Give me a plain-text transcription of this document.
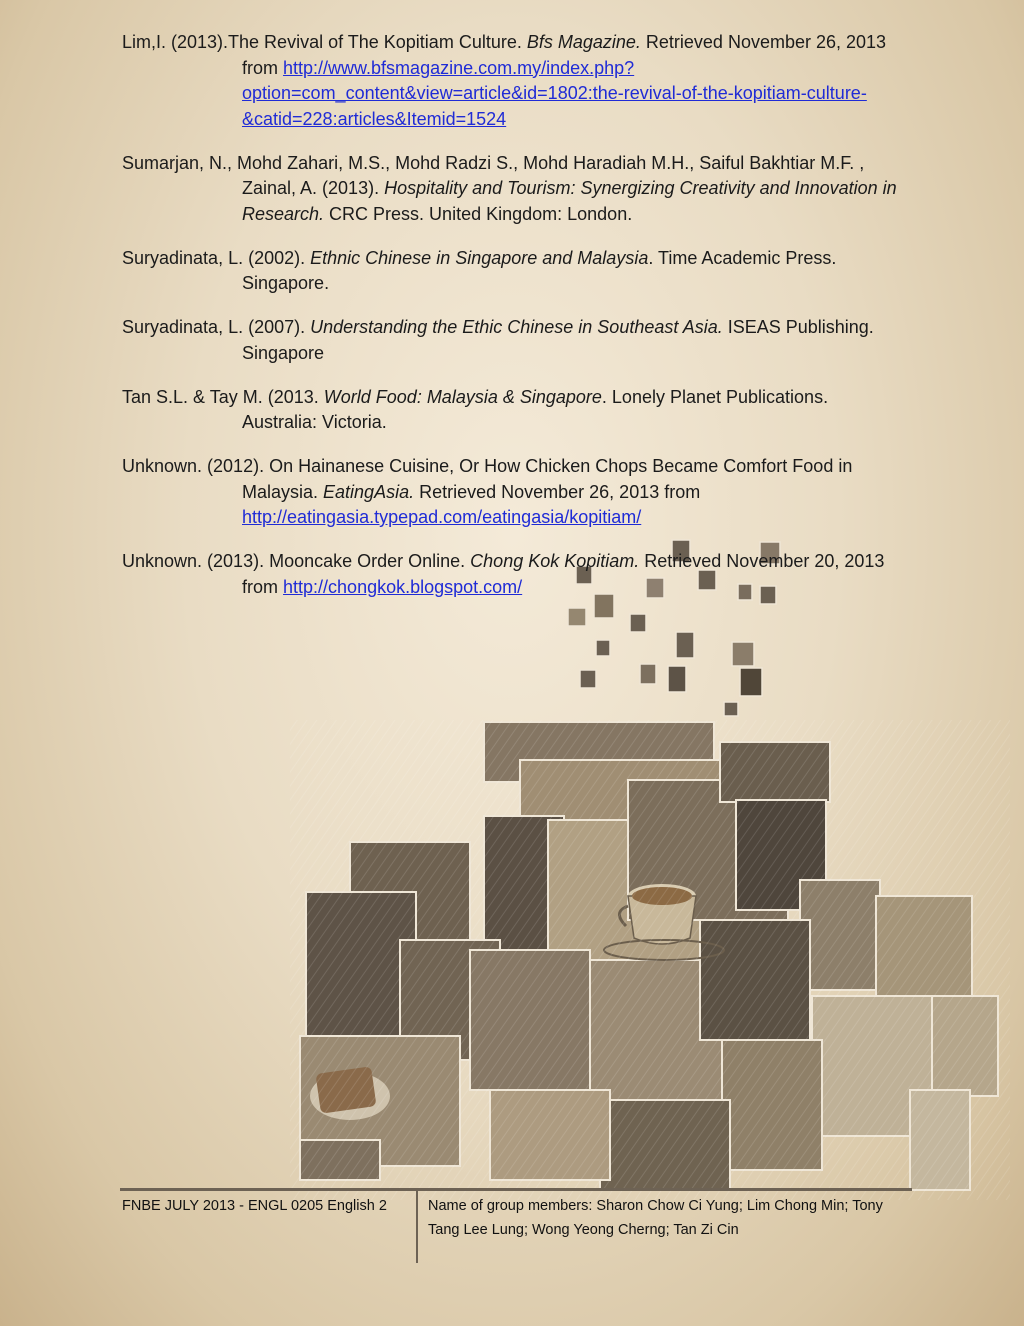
Lim,I. (2013).The Revival of The Kopitiam Culture. Bfs Magazine. Retrieved November 26, 2013 from http://www.bfsmagazine.com.my/index.php?option=com_content&view=article&id=1802:the-revival-of-the-kopitiam-culture-&catid=228:articles&Itemid=1524

Sumarjan, N., Mohd Zahari, M.S., Mohd Radzi S., Mohd Haradiah M.H., Saiful Bakhtiar M.F. , Zainal, A. (2013). Hospitality and Tourism: Synergizing Creativity and Innovation in Research. CRC Press. United Kingdom: London.

Suryadinata, L. (2002). Ethnic Chinese in Singapore and Malaysia. Time Academic Press. Singapore.

Suryadinata, L. (2007). Understanding the Ethic Chinese in Southeast Asia. ISEAS Publishing. Singapore

Tan S.L. & Tay M. (2013. World Food: Malaysia & Singapore. Lonely Planet Publications. Australia: Victoria.

Unknown. (2012). On Hainanese Cuisine, Or How Chicken Chops Became Comfort Food in Malaysia. EatingAsia. Retrieved November 26, 2013 from http://eatingasia.typepad.com/eatingasia/kopitiam/

Unknown. (2013). Mooncake Order Online. Chong Kok Kopitiam. Retrieved November 20, 2013 from http://chongkok.blogspot.com/

FNBE JULY 2013 - ENGL 0205 English 2	Name of group members: Sharon Chow Ci Yung; Lim Chong Min; Tony Tang Lee Lung; Wong Yeong Cherng; Tan Zi Cin
